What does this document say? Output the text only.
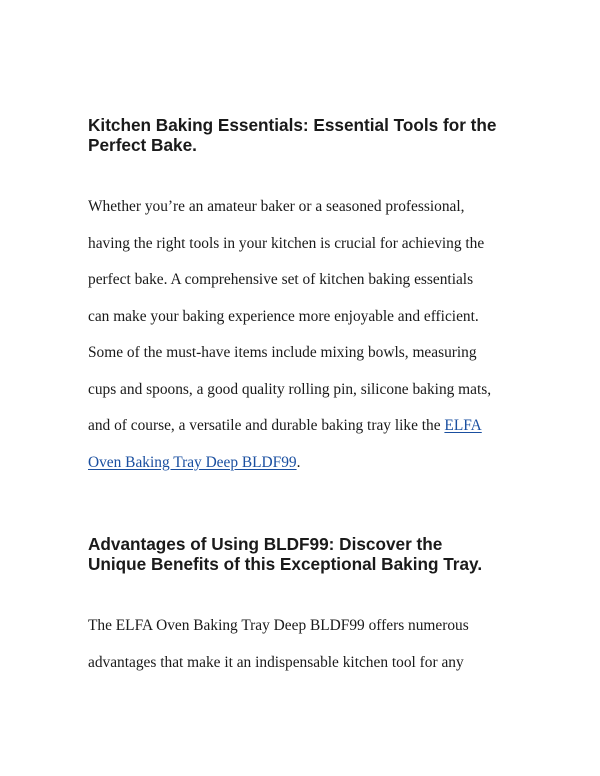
Kitchen Baking Essentials: Essential Tools for the
Perfect Bake.

Whether you’re an amateur baker or a seasoned professional,
having the right tools in your kitchen is crucial for achieving the
perfect bake. A comprehensive set of kitchen baking essentials
can make your baking experience more enjoyable and efficient.
Some of the must-have items include mixing bowls, measuring
cups and spoons, a good quality rolling pin, silicone baking mats,
and of course, a versatile and durable baking tray like the ELFA
Oven Baking Tray Deep BLDF99.

Advantages of Using BLDF99: Discover the
Unique Benefits of this Exceptional Baking Tray.

The ELFA Oven Baking Tray Deep BLDF99 offers numerous
advantages that make it an indispensable kitchen tool for any
